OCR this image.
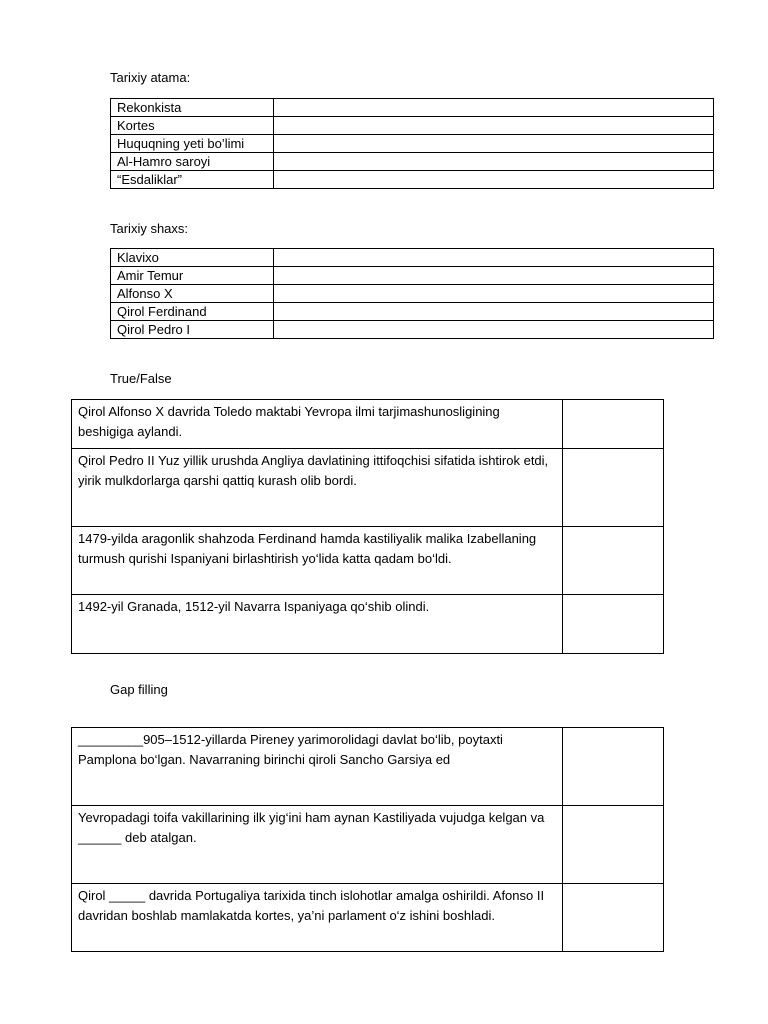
Tarixiy atama:
Rekonkista	
Kortes	
Huquqning yeti bo’limi	
Al-Hamro saroyi	
“Esdaliklar”	
Tarixiy shaxs:
Klavixo	
Amir Temur	
Alfonso X	
Qirol Ferdinand	
Qirol Pedro I	
True/False
Qirol Alfonso X davrida Toledo maktabi Yevropa ilmi tarjimashunosligining beshigiga aylandi.	
Qirol Pedro II Yuz yillik urushda Angliya davlatining ittifoqchisi sifatida ishtirok etdi, yirik mulkdorlarga qarshi qattiq kurash olib bordi.	
1479-yilda aragonlik shahzoda Ferdinand hamda kastiliyalik malika Izabellaning turmush qurishi Ispaniyani birlashtirish yo‘lida katta qadam bo‘ldi.	
1492-yil Granada, 1512-yil Navarra Ispaniyaga qo‘shib olindi.	
Gap filling
_________905–1512-yillarda Pireney yarimorolidagi davlat bo‘lib, poytaxti Pamplona bo‘lgan. Navarraning birinchi qiroli Sancho Garsiya ed	
Yevropadagi toifa vakillarining ilk yig‘ini ham aynan Kastiliyada vujudga kelgan va ______ deb atalgan.	
Qirol _____ davrida Portugaliya tarixida tinch islohotlar amalga oshirildi. Afonso II davridan boshlab mamlakatda kortes, ya’ni parlament o‘z ishini boshladi.	
